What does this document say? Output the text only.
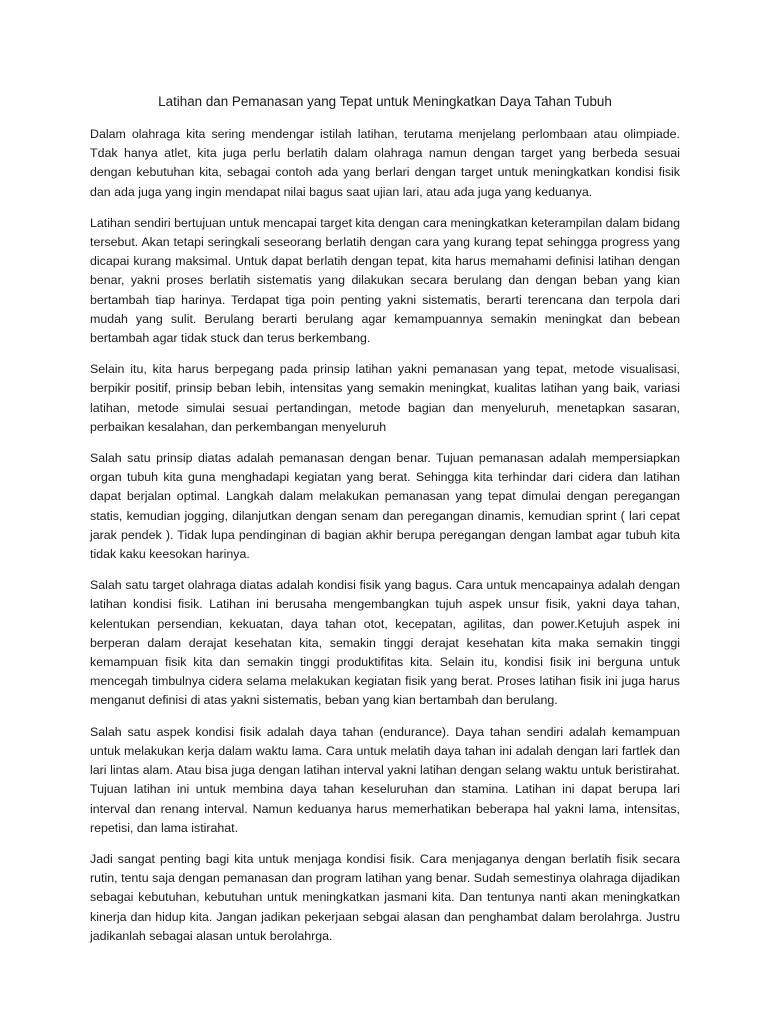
Latihan dan Pemanasan yang Tepat untuk Meningkatkan Daya Tahan Tubuh

Dalam olahraga kita sering mendengar istilah latihan, terutama menjelang perlombaan atau olimpiade. Tdak hanya atlet, kita juga perlu berlatih dalam olahraga namun dengan target yang berbeda sesuai dengan kebutuhan kita, sebagai contoh ada yang berlari dengan target untuk meningkatkan kondisi fisik dan ada juga yang ingin mendapat nilai bagus saat ujian lari, atau ada juga yang keduanya.

Latihan sendiri bertujuan untuk mencapai target kita dengan cara meningkatkan keterampilan dalam bidang tersebut. Akan tetapi seringkali seseorang berlatih dengan cara yang kurang tepat sehingga progress yang dicapai kurang maksimal. Untuk dapat berlatih dengan tepat, kita harus memahami definisi latihan dengan benar, yakni proses berlatih sistematis yang dilakukan secara berulang dan dengan beban yang kian bertambah tiap harinya. Terdapat tiga poin penting yakni sistematis, berarti terencana dan terpola dari mudah yang sulit. Berulang berarti berulang agar kemampuannya semakin meningkat dan bebean bertambah agar tidak stuck dan terus berkembang.

Selain itu, kita harus berpegang pada prinsip latihan yakni pemanasan yang tepat, metode visualisasi, berpikir positif, prinsip beban lebih, intensitas yang semakin meningkat, kualitas latihan yang baik, variasi latihan, metode simulai sesuai pertandingan, metode bagian dan menyeluruh, menetapkan sasaran, perbaikan kesalahan, dan perkembangan menyeluruh

Salah satu prinsip diatas adalah pemanasan dengan benar. Tujuan pemanasan adalah mempersiapkan organ tubuh kita guna menghadapi kegiatan yang berat. Sehingga kita terhindar dari cidera dan latihan dapat berjalan optimal. Langkah dalam melakukan pemanasan yang tepat dimulai dengan peregangan statis, kemudian jogging, dilanjutkan dengan senam dan peregangan dinamis, kemudian sprint ( lari cepat jarak pendek ). Tidak lupa pendinginan di bagian akhir berupa peregangan dengan lambat agar tubuh kita tidak kaku keesokan harinya.

Salah satu target olahraga diatas adalah kondisi fisik yang bagus. Cara untuk mencapainya adalah dengan latihan kondisi fisik. Latihan ini berusaha mengembangkan tujuh aspek unsur fisik, yakni daya tahan, kelentukan persendian, kekuatan, daya tahan otot, kecepatan, agilitas, dan power.Ketujuh aspek ini berperan dalam derajat kesehatan kita, semakin tinggi derajat kesehatan kita maka semakin tinggi kemampuan fisik kita dan semakin tinggi produktifitas kita. Selain itu, kondisi fisik ini berguna untuk mencegah timbulnya cidera selama melakukan kegiatan fisik yang berat. Proses latihan fisik ini juga harus menganut definisi di atas yakni sistematis, beban yang kian bertambah dan berulang.

Salah satu aspek kondisi fisik adalah daya tahan (endurance). Daya tahan sendiri adalah kemampuan untuk melakukan kerja dalam waktu lama. Cara untuk melatih daya tahan ini adalah dengan lari fartlek dan lari lintas alam. Atau bisa juga dengan latihan interval yakni latihan dengan selang waktu untuk beristirahat. Tujuan latihan ini untuk membina daya tahan keseluruhan dan stamina. Latihan ini dapat berupa lari interval dan renang interval. Namun keduanya harus memerhatikan beberapa hal yakni lama, intensitas, repetisi, dan lama istirahat.

Jadi sangat penting bagi kita untuk menjaga kondisi fisik. Cara menjaganya dengan berlatih fisik secara rutin, tentu saja dengan pemanasan dan program latihan yang benar. Sudah semestinya olahraga dijadikan sebagai kebutuhan, kebutuhan untuk meningkatkan jasmani kita. Dan tentunya nanti akan meningkatkan kinerja dan hidup kita. Jangan jadikan pekerjaan sebgai alasan dan penghambat dalam berolahrga. Justru jadikanlah sebagai alasan untuk berolahrga.
